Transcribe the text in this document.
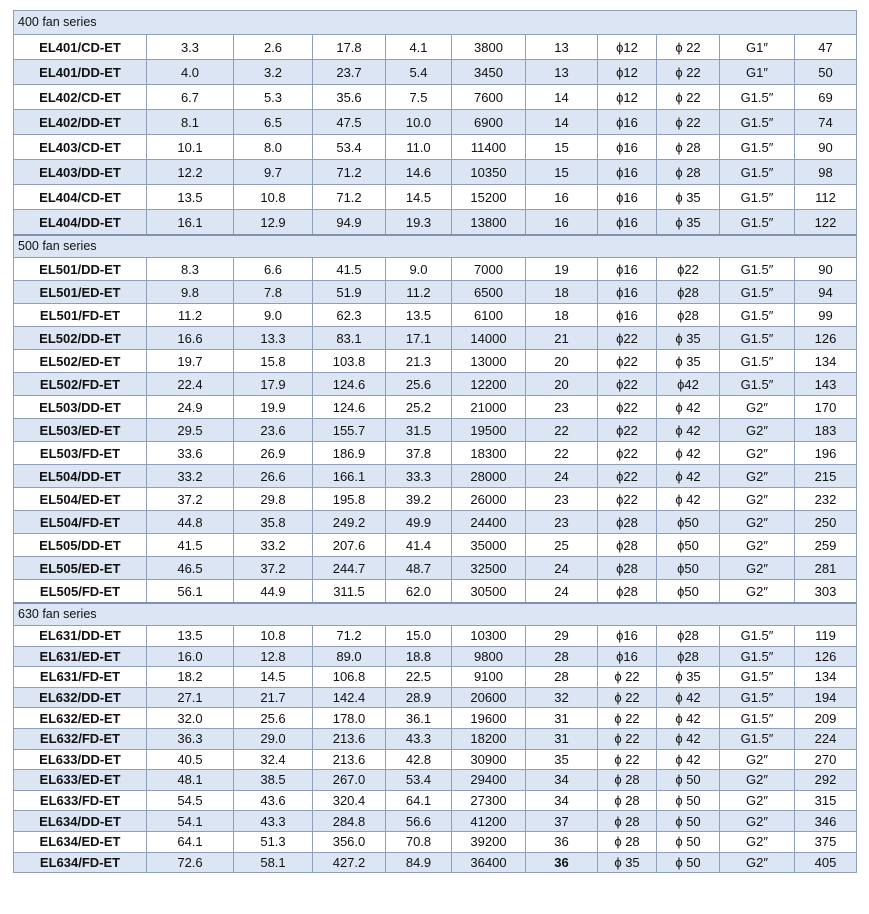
400 fan series										
EL401/CD-ET	3.3	2.6	17.8	4.1	3800	13	ϕ12	ϕ 22	G1″	47
EL401/DD-ET	4.0	3.2	23.7	5.4	3450	13	ϕ12	ϕ 22	G1″	50
EL402/CD-ET	6.7	5.3	35.6	7.5	7600	14	ϕ12	ϕ 22	G1.5″	69
EL402/DD-ET	8.1	6.5	47.5	10.0	6900	14	ϕ16	ϕ 22	G1.5″	74
EL403/CD-ET	10.1	8.0	53.4	11.0	11400	15	ϕ16	ϕ 28	G1.5″	90
EL403/DD-ET	12.2	9.7	71.2	14.6	10350	15	ϕ16	ϕ 28	G1.5″	98
EL404/CD-ET	13.5	10.8	71.2	14.5	15200	16	ϕ16	ϕ 35	G1.5″	112
EL404/DD-ET	16.1	12.9	94.9	19.3	13800	16	ϕ16	ϕ 35	G1.5″	122
500 fan series										
EL501/DD-ET	8.3	6.6	41.5	9.0	7000	19	ϕ16	ϕ22	G1.5″	90
EL501/ED-ET	9.8	7.8	51.9	11.2	6500	18	ϕ16	ϕ28	G1.5″	94
EL501/FD-ET	11.2	9.0	62.3	13.5	6100	18	ϕ16	ϕ28	G1.5″	99
EL502/DD-ET	16.6	13.3	83.1	17.1	14000	21	ϕ22	ϕ 35	G1.5″	126
EL502/ED-ET	19.7	15.8	103.8	21.3	13000	20	ϕ22	ϕ 35	G1.5″	134
EL502/FD-ET	22.4	17.9	124.6	25.6	12200	20	ϕ22	ϕ42	G1.5″	143
EL503/DD-ET	24.9	19.9	124.6	25.2	21000	23	ϕ22	ϕ 42	G2″	170
EL503/ED-ET	29.5	23.6	155.7	31.5	19500	22	ϕ22	ϕ 42	G2″	183
EL503/FD-ET	33.6	26.9	186.9	37.8	18300	22	ϕ22	ϕ 42	G2″	196
EL504/DD-ET	33.2	26.6	166.1	33.3	28000	24	ϕ22	ϕ 42	G2″	215
EL504/ED-ET	37.2	29.8	195.8	39.2	26000	23	ϕ22	ϕ 42	G2″	232
EL504/FD-ET	44.8	35.8	249.2	49.9	24400	23	ϕ28	ϕ50	G2″	250
EL505/DD-ET	41.5	33.2	207.6	41.4	35000	25	ϕ28	ϕ50	G2″	259
EL505/ED-ET	46.5	37.2	244.7	48.7	32500	24	ϕ28	ϕ50	G2″	281
EL505/FD-ET	56.1	44.9	311.5	62.0	30500	24	ϕ28	ϕ50	G2″	303
630 fan series										
EL631/DD-ET	13.5	10.8	71.2	15.0	10300	29	ϕ16	ϕ28	G1.5″	119
EL631/ED-ET	16.0	12.8	89.0	18.8	9800	28	ϕ16	ϕ28	G1.5″	126
EL631/FD-ET	18.2	14.5	106.8	22.5	9100	28	ϕ 22	ϕ 35	G1.5″	134
EL632/DD-ET	27.1	21.7	142.4	28.9	20600	32	ϕ 22	ϕ 42	G1.5″	194
EL632/ED-ET	32.0	25.6	178.0	36.1	19600	31	ϕ 22	ϕ 42	G1.5″	209
EL632/FD-ET	36.3	29.0	213.6	43.3	18200	31	ϕ 22	ϕ 42	G1.5″	224
EL633/DD-ET	40.5	32.4	213.6	42.8	30900	35	ϕ 22	ϕ 42	G2″	270
EL633/ED-ET	48.1	38.5	267.0	53.4	29400	34	ϕ 28	ϕ 50	G2″	292
EL633/FD-ET	54.5	43.6	320.4	64.1	27300	34	ϕ 28	ϕ 50	G2″	315
EL634/DD-ET	54.1	43.3	284.8	56.6	41200	37	ϕ 28	ϕ 50	G2″	346
EL634/ED-ET	64.1	51.3	356.0	70.8	39200	36	ϕ 28	ϕ 50	G2″	375
EL634/FD-ET	72.6	58.1	427.2	84.9	36400	36	ϕ 35	ϕ 50	G2″	405
